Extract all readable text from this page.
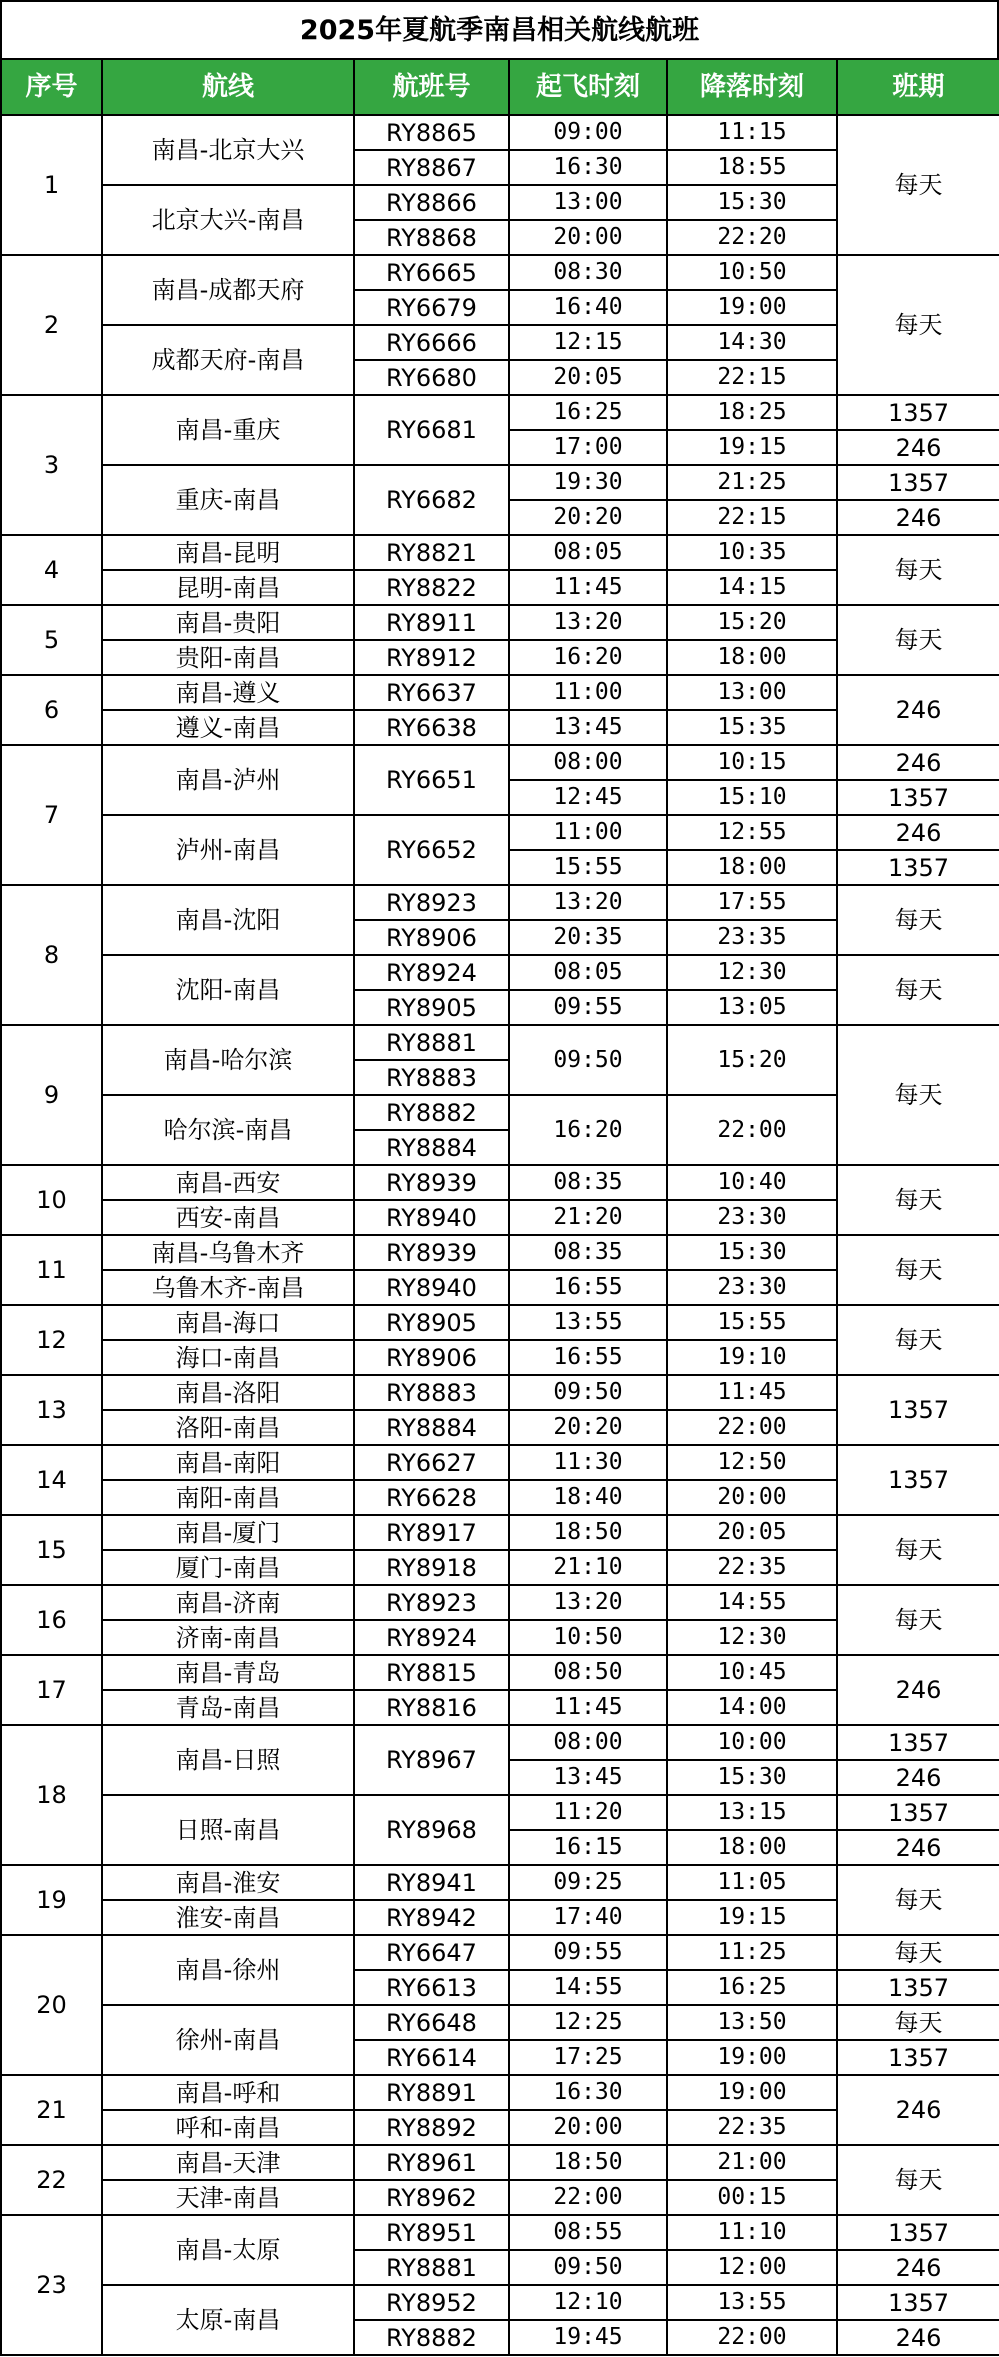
2025年夏航季南昌相关航线航班
序号	航线	航班号	起飞时刻	降落时刻	班期
1	南昌-北京大兴	RY8865	09:00	11:15	每天
		RY8867	16:30	18:55	
	北京大兴-南昌	RY8866	13:00	15:30	
		RY8868	20:00	22:20	
2	南昌-成都天府	RY6665	08:30	10:50	每天
		RY6679	16:40	19:00	
	成都天府-南昌	RY6666	12:15	14:30	
		RY6680	20:05	22:15	
3	南昌-重庆	RY6681	16:25	18:25	1357
			17:00	19:15	246
	重庆-南昌	RY6682	19:30	21:25	1357
			20:20	22:15	246
4	南昌-昆明	RY8821	08:05	10:35	每天
	昆明-南昌	RY8822	11:45	14:15	
5	南昌-贵阳	RY8911	13:20	15:20	每天
	贵阳-南昌	RY8912	16:20	18:00	
6	南昌-遵义	RY6637	11:00	13:00	246
	遵义-南昌	RY6638	13:45	15:35	
7	南昌-泸州	RY6651	08:00	10:15	246
			12:45	15:10	1357
	泸州-南昌	RY6652	11:00	12:55	246
			15:55	18:00	1357
8	南昌-沈阳	RY8923	13:20	17:55	每天
		RY8906	20:35	23:35	
	沈阳-南昌	RY8924	08:05	12:30	每天
		RY8905	09:55	13:05	
9	南昌-哈尔滨	RY8881	09:50	15:20	每天
		RY8883			
	哈尔滨-南昌	RY8882	16:20	22:00	
		RY8884			
10	南昌-西安	RY8939	08:35	10:40	每天
	西安-南昌	RY8940	21:20	23:30	
11	南昌-乌鲁木齐	RY8939	08:35	15:30	每天
	乌鲁木齐-南昌	RY8940	16:55	23:30	
12	南昌-海口	RY8905	13:55	15:55	每天
	海口-南昌	RY8906	16:55	19:10	
13	南昌-洛阳	RY8883	09:50	11:45	1357
	洛阳-南昌	RY8884	20:20	22:00	
14	南昌-南阳	RY6627	11:30	12:50	1357
	南阳-南昌	RY6628	18:40	20:00	
15	南昌-厦门	RY8917	18:50	20:05	每天
	厦门-南昌	RY8918	21:10	22:35	
16	南昌-济南	RY8923	13:20	14:55	每天
	济南-南昌	RY8924	10:50	12:30	
17	南昌-青岛	RY8815	08:50	10:45	246
	青岛-南昌	RY8816	11:45	14:00	
18	南昌-日照	RY8967	08:00	10:00	1357
			13:45	15:30	246
	日照-南昌	RY8968	11:20	13:15	1357
			16:15	18:00	246
19	南昌-淮安	RY8941	09:25	11:05	每天
	淮安-南昌	RY8942	17:40	19:15	
20	南昌-徐州	RY6647	09:55	11:25	每天
		RY6613	14:55	16:25	1357
	徐州-南昌	RY6648	12:25	13:50	每天
		RY6614	17:25	19:00	1357
21	南昌-呼和	RY8891	16:30	19:00	246
	呼和-南昌	RY8892	20:00	22:35	
22	南昌-天津	RY8961	18:50	21:00	每天
	天津-南昌	RY8962	22:00	00:15	
23	南昌-太原	RY8951	08:55	11:10	1357
		RY8881	09:50	12:00	246
	太原-南昌	RY8952	12:10	13:55	1357
		RY8882	19:45	22:00	246
